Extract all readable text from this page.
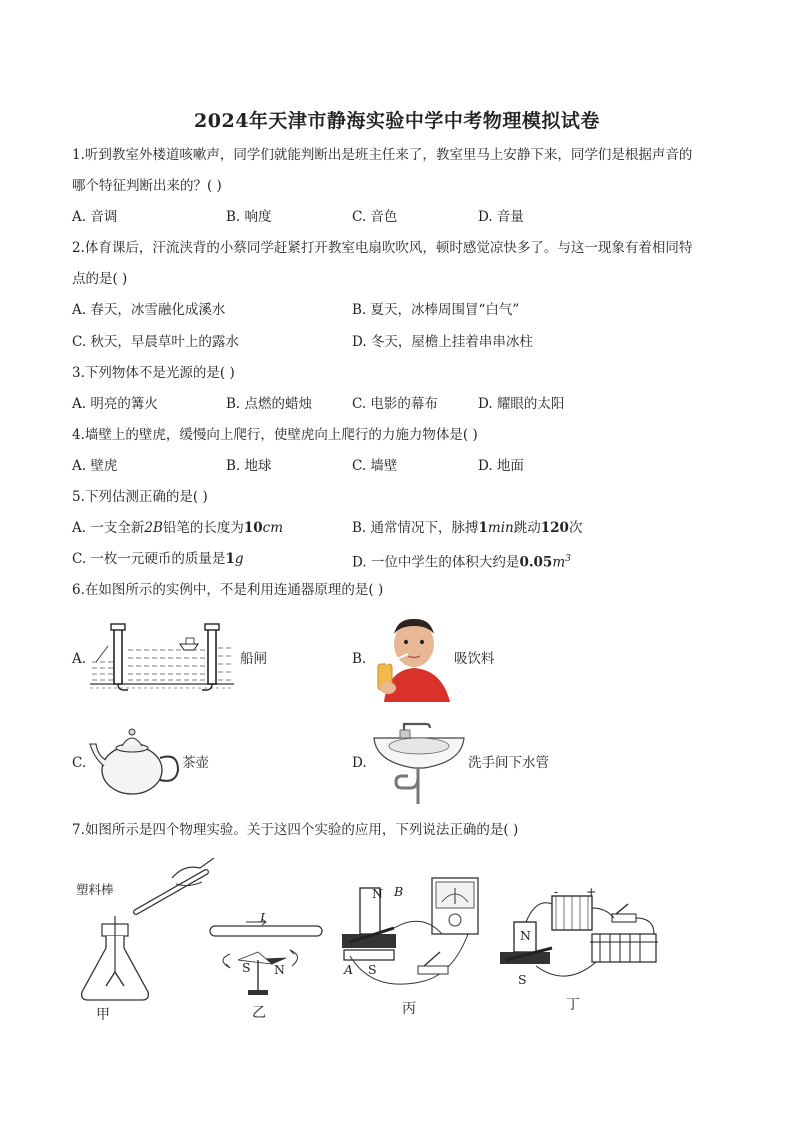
2024年天津市静海实验中学中考物理模拟试卷
1.听到教室外楼道咳嗽声，同学们就能判断出是班主任来了，教室里马上安静下来，同学们是根据声音的
哪个特征判断出来的？( )
A. 音调	B. 响度	C. 音色	D. 音量
2.体育课后，汗流浃背的小蔡同学赶紧打开教室电扇吹吹风，顿时感觉凉快多了。与这一现象有着相同特
点的是( )
A. 春天，冰雪融化成溪水	B. 夏天，冰棒周围冒“白气”
C. 秋天，早晨草叶上的露水	D. 冬天，屋檐上挂着串串冰柱
3.下列物体不是光源的是( )
A. 明亮的篝火	B. 点燃的蜡烛	C. 电影的幕布	D. 耀眼的太阳
4.墙壁上的壁虎，缓慢向上爬行，使壁虎向上爬行的力施力物体是( )
A. 壁虎	B. 地球	C. 墙壁	D. 地面
5.下列估测正确的是( )
A. 一支全新2B铅笔的长度为10cm	B. 通常情况下，脉搏1min跳动120次
C. 一枚一元硬币的质量是1g	D. 一位中学生的体积大约是$0.05m^3$
6.在如图所示的实例中，不是利用连通器原理的是( )
A.	船闸	B.	吸饮料
C.	茶壶	D.	洗手间下水管
7.如图所示是四个物理实验。关于这四个实验的应用，下列说法正确的是( )
塑料棒
甲
I
S N
乙
N B
A S
丙
- +
N
S
丁
